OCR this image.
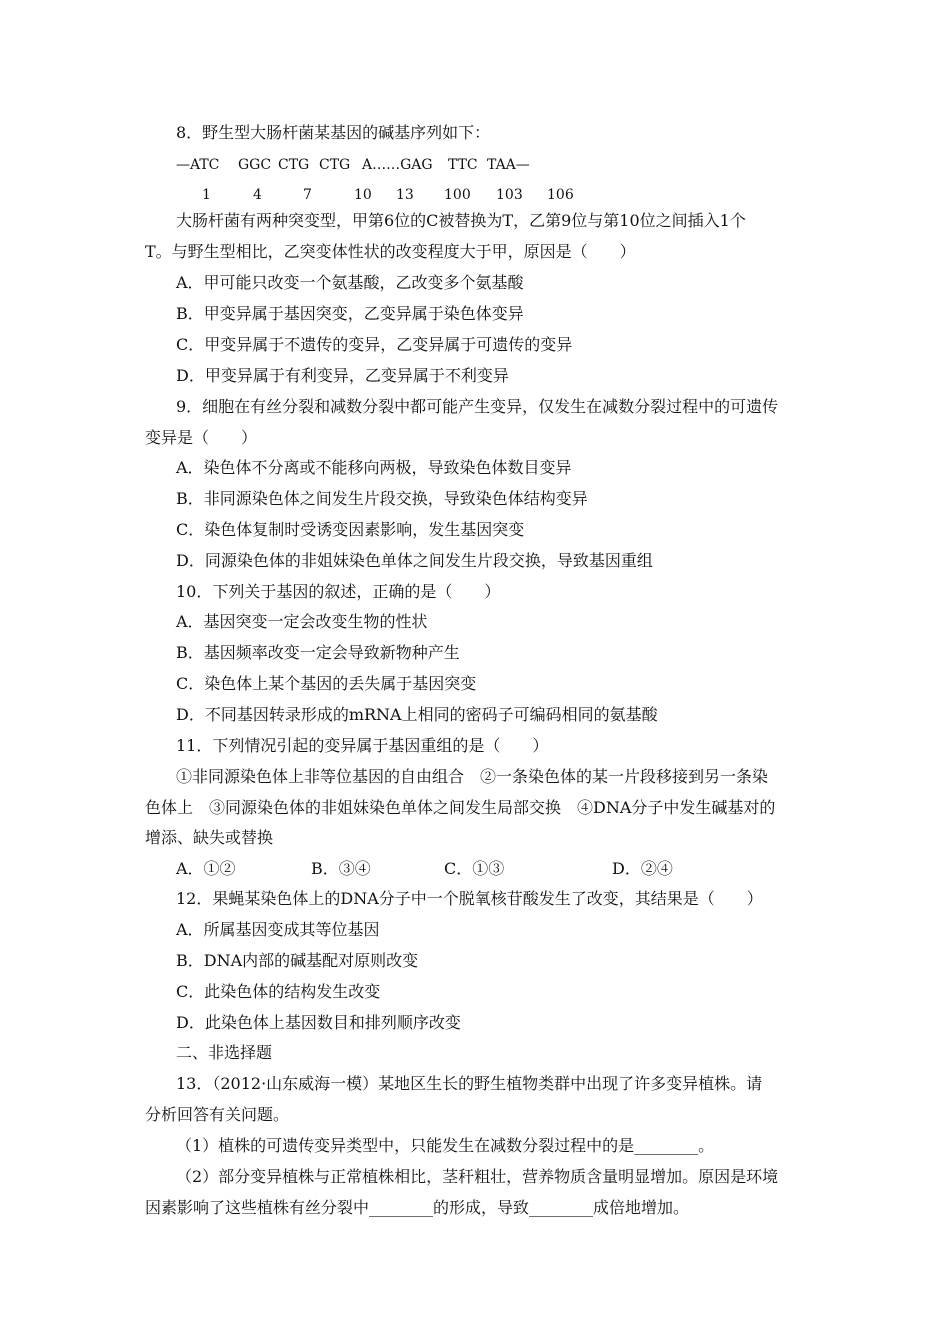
8．野生型大肠杆菌某基因的碱基序列如下：
—ATC GGC CTG CTG A……GAG TTC TAA—
1	4	7	10 13 100 103 106
大肠杆菌有两种突变型，甲第6位的C被替换为T，乙第9位与第10位之间插入1个
T。与野生型相比，乙突变体性状的改变程度大于甲，原因是（　　）
A．甲可能只改变一个氨基酸，乙改变多个氨基酸
B．甲变异属于基因突变，乙变异属于染色体变异
C．甲变异属于不遗传的变异，乙变异属于可遗传的变异
D．甲变异属于有利变异，乙变异属于不利变异
9．细胞在有丝分裂和减数分裂中都可能产生变异，仅发生在减数分裂过程中的可遗传
变异是（　　）
A．染色体不分离或不能移向两极，导致染色体数目变异
B．非同源染色体之间发生片段交换，导致染色体结构变异
C．染色体复制时受诱变因素影响，发生基因突变
D．同源染色体的非姐妹染色单体之间发生片段交换，导致基因重组
10．下列关于基因的叙述，正确的是（　　）
A．基因突变一定会改变生物的性状
B．基因频率改变一定会导致新物种产生
C．染色体上某个基因的丢失属于基因突变
D．不同基因转录形成的mRNA上相同的密码子可编码相同的氨基酸
11．下列情况引起的变异属于基因重组的是（　　）
①非同源染色体上非等位基因的自由组合　②一条染色体的某一片段移接到另一条染
色体上　③同源染色体的非姐妹染色单体之间发生局部交换　④DNA分子中发生碱基对的
增添、缺失或替换
A．①②	B．③④	C．①③	D．②④
12．果蝇某染色体上的DNA分子中一个脱氧核苷酸发生了改变，其结果是（　　）
A．所属基因变成其等位基因
B．DNA内部的碱基配对原则改变
C．此染色体的结构发生改变
D．此染色体上基因数目和排列顺序改变
二、非选择题
13．（2012·山东威海一模）某地区生长的野生植物类群中出现了许多变异植株。请
分析回答有关问题。
（1）植株的可遗传变异类型中，只能发生在减数分裂过程中的是________。
（2）部分变异植株与正常植株相比，茎秆粗壮，营养物质含量明显增加。原因是环境
因素影响了这些植株有丝分裂中________的形成，导致________成倍地增加。
